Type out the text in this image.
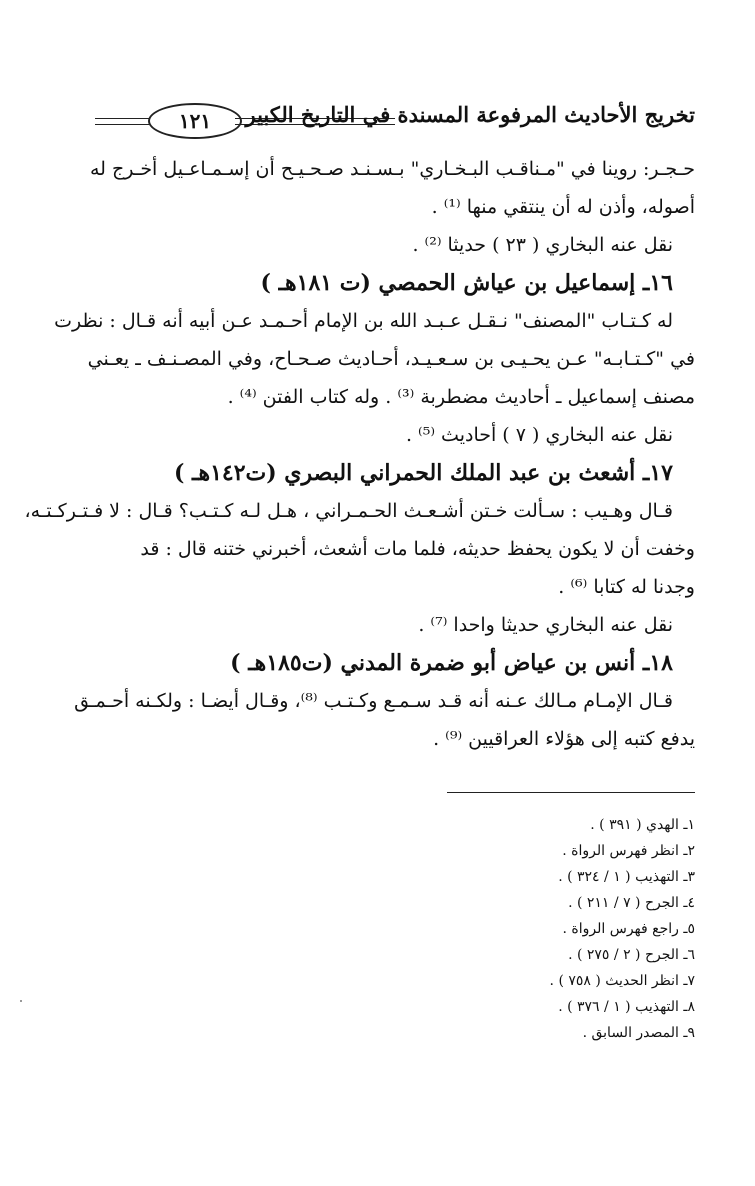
١٢١	تخريج الأحاديث المرفوعة المسندة في التاريخ الكبير
حـجـر: روينا في "مـناقـب البـخـاري" بـسـنـد صـحـيـح أن إسـمـاعـيل أخـرج له
أصوله، وأذن له أن ينتقي منها ⁽¹⁾ .
نقل عنه البخاري ( ٢٣ ) حديثا ⁽²⁾ .
١٦ـ إسماعيل بن عياش الحمصي (ت ١٨١هـ )
له كـتـاب "المصنف" نـقـل عـبـد الله بن الإمام أحـمـد عـن أبيه أنه قـال : نظرت
في "كـتـابـه" عـن يحـيـى بن سـعـيـد، أحـاديث صـحـاح، وفي المصـنـف ـ يعـني
مصنف إسماعيل ـ أحاديث مضطربة ⁽³⁾ . وله كتاب الفتن ⁽⁴⁾ .
نقل عنه البخاري ( ٧ ) أحاديث ⁽⁵⁾ .
١٧ـ أشعث بن عبد الملك الحمراني البصري (ت١٤٢هـ )
قـال وهـيب : سـألت خـتن أشـعـث الحـمـراني ، هـل لـه كـتـب؟ قـال : لا فـتـركـتـه،
وخفت أن لا يكون يحفظ حديثه، فلما مات أشعث، أخبرني ختنه قال : قد
وجدنا له كتابا ⁽⁶⁾ .
نقل عنه البخاري حديثا واحدا ⁽⁷⁾ .
١٨ـ أنس بن عياض أبو ضمرة المدني (ت١٨٥هـ )
قـال الإمـام مـالك عـنه أنه قـد سـمـع وكـتـب ⁽⁸⁾، وقـال أيضـا : ولكـنه أحـمـق
يدفع كتبه إلى هؤلاء العراقيين ⁽⁹⁾ .
١ـ الهدي ( ٣٩١ ) .
٢ـ انظر فهرس الرواة .
٣ـ التهذيب ( ١ / ٣٢٤ ) .
٤ـ الجرح ( ٧ / ٢١١ ) .
٥ـ راجع فهرس الرواة .
٦ـ الجرح ( ٢ / ٢٧٥ ) .
٧ـ انظر الحديث ( ٧٥٨ ) .
٨ـ التهذيب ( ١ / ٣٧٦ ) .
٩ـ المصدر السابق .
